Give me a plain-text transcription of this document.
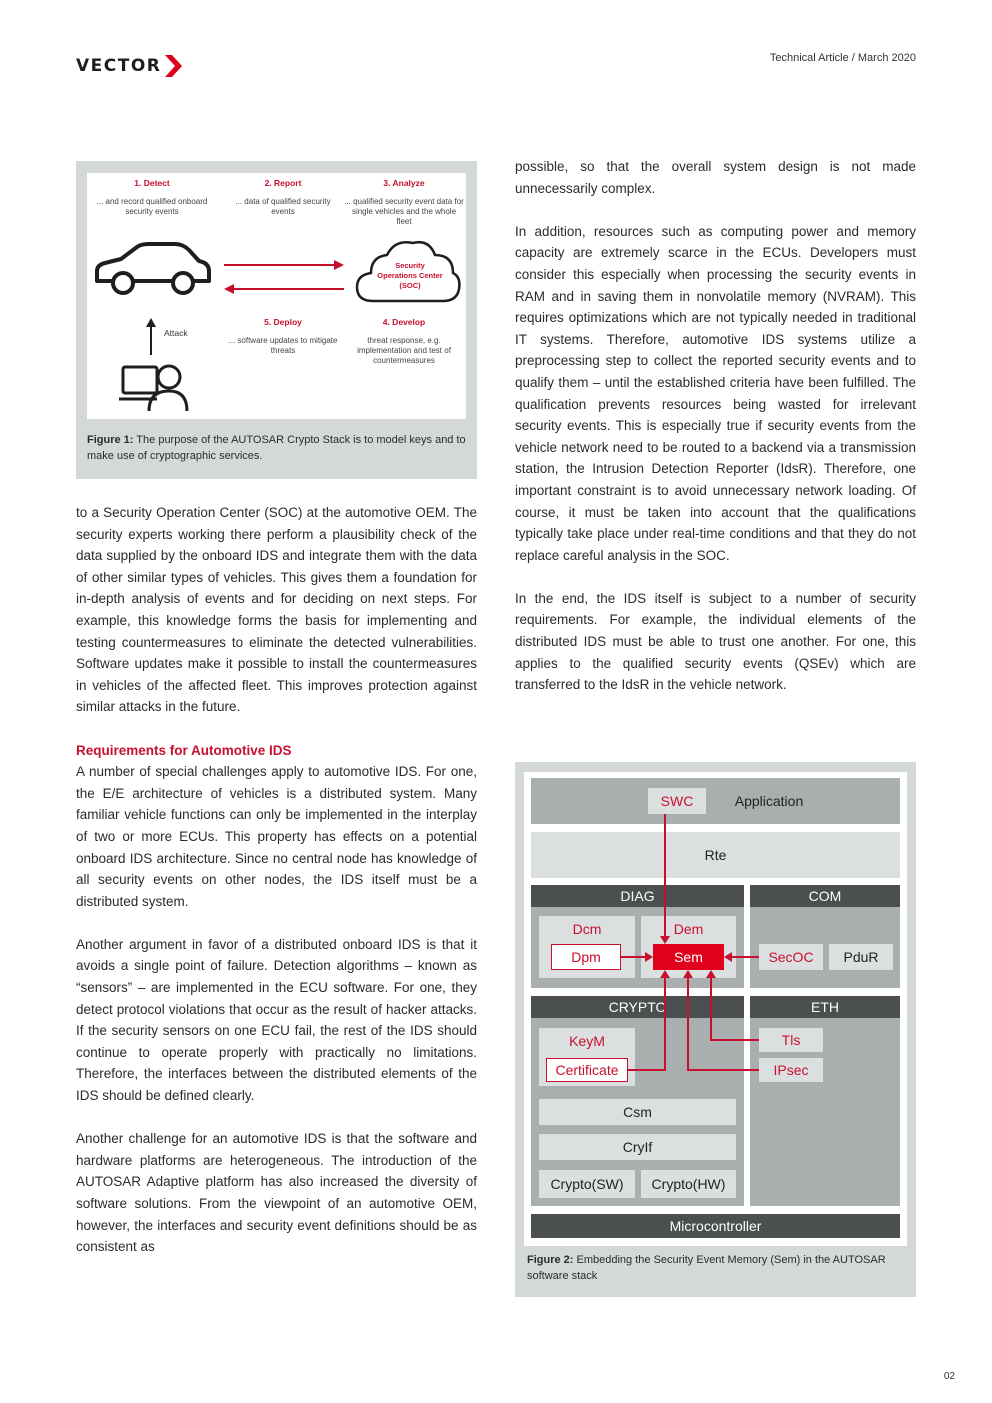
VECTOR	Technical Article / March 2020
1. Detect
... and record qualified onboard security events
2. Report
... data of qualified security events
3. Analyze
... qualified security event data for single vehicles and the whole fleet
5. Deploy
... software updates to mitigate threats
4. Develop
threat response, e.g. implementation and test of countermeasures
Security Operations Center (SOC)
Attack
Figure 1: The purpose of the AUTOSAR Crypto Stack is to model keys and to make use of cryptographic services.

to a Security Operation Center (SOC) at the automotive OEM. The security experts working there perform a plausibility check of the data supplied by the onboard IDS and integrate them with the data of other similar types of vehicles. This gives them a foundation for in-depth analysis of events and for deciding on next steps. For example, this knowledge forms the basis for implementing and testing countermeasures to eliminate the detected vulnerabilities. Software updates make it possible to install the countermeasures in vehicles of the affected fleet. This improves protection against similar attacks in the future.

Requirements for Automotive IDS

A number of special challenges apply to automotive IDS. For one, the E/E architecture of vehicles is a distributed system. Many familiar vehicle functions can only be implemented in the interplay of two or more ECUs. This property has effects on a potential onboard IDS architecture. Since no central node has knowledge of all security events on other nodes, the IDS itself must be a distributed system.

Another argument in favor of a distributed onboard IDS is that it avoids a single point of failure. Detection algorithms – known as “sensors” – are implemented in the ECU software. For one, they detect protocol violations that occur as the result of hacker attacks. If the security sensors on one ECU fail, the rest of the IDS should continue to operate properly with practically no limitations. Therefore, the interfaces between the distributed elements of the IDS should be defined clearly.

Another challenge for an automotive IDS is that the software and hardware platforms are heterogeneous. The introduction of the AUTOSAR Adaptive platform has also increased the diversity of software solutions. From the viewpoint of an automotive OEM, however, the interfaces and security event definitions should be as consistent as

possible, so that the overall system design is not made unnecessarily complex.

In addition, resources such as computing power and memory capacity are extremely scarce in the ECUs. Developers must consider this especially when processing the security events in RAM and in saving them in nonvolatile memory (NVRAM). This requires optimizations which are not typically needed in traditional IT systems. Therefore, automotive IDS systems utilize a preprocessing step to collect the reported security events and to qualify them – until the established criteria have been fulfilled. The qualification prevents resources being wasted for irrelevant security events. This is especially true if security events from the vehicle network need to be routed to a backend via a transmission station, the Intrusion Detection Reporter (IdsR). Therefore, one important constraint is to avoid unnecessary network loading. Of course, it must be taken into account that the qualifications typically take place under real-time conditions and that they do not replace careful analysis in the SOC.

In the end, the IDS itself is subject to a number of security requirements. For example, the individual elements of the distributed IDS must be able to trust one another. For one, this applies to the qualified security events (QSEv) which are transferred to the IdsR in the vehicle network.

SWC	Application
Rte
DIAG	COM
Dcm
Dpm
Dem
Sem	SecOC	PduR
CRYPTO	ETH
KeyM
Certificate
Tls
IPsec
Csm
CryIf
Crypto(SW)	Crypto(HW)
Microcontroller
Figure 2: Embedding the Security Event Memory (Sem) in the AUTOSAR software stack
02
